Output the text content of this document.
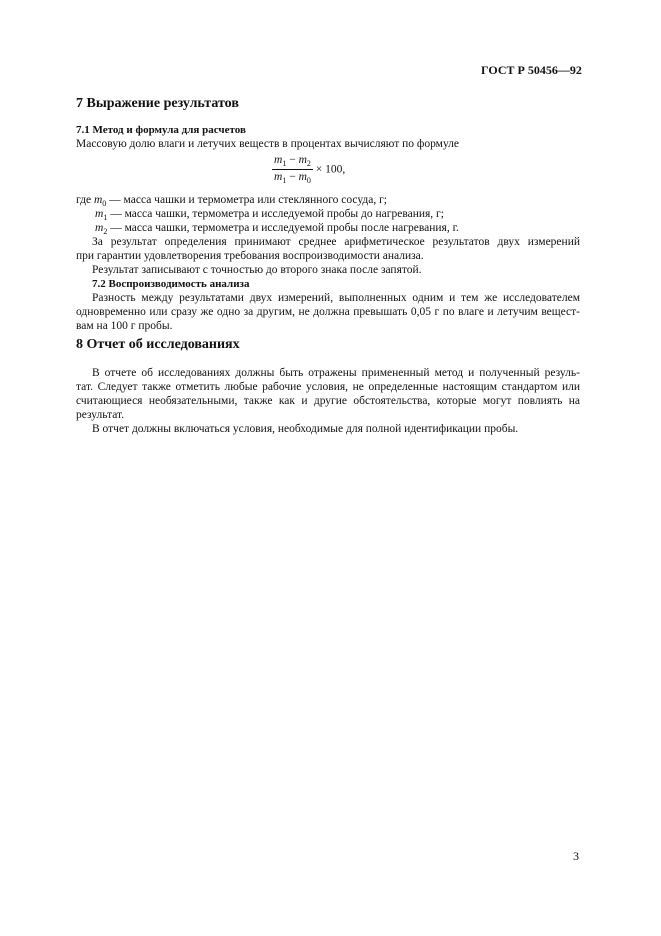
ГОСТ Р 50456—92
7 Выражение результатов
7.1 Метод и формула для расчетов
Массовую долю влаги и летучих веществ в процентах вычисляют по формуле
$\frac{m_1 - m_2}{m_1 - m_0} \times 100$,
где $m_0$ — масса чашки и термометра или стеклянного сосуда, г;
$m_1$ — масса чашки, термометра и исследуемой пробы до нагревания, г;
$m_2$ — масса чашки, термометра и исследуемой пробы после нагревания, г.
За результат определения принимают среднее арифметическое результатов двух измерений
при гарантии удовлетворения требования воспроизводимости анализа.
Результат записывают с точностью до второго знака после запятой.
7.2 Воспроизводимость анализа
Разность между результатами двух измерений, выполненных одним и тем же исследователем
одновременно или сразу же одно за другим, не должна превышать 0,05 г по влаге и летучим вещест-
вам на 100 г пробы.
8 Отчет об исследованиях
В отчете об исследованиях должны быть отражены примененный метод и полученный резуль-
тат. Следует также отметить любые рабочие условия, не определенные настоящим стандартом или
считающиеся необязательными, также как и другие обстоятельства, которые могут повлиять на
результат.
В отчет должны включаться условия, необходимые для полной идентификации пробы.
3
